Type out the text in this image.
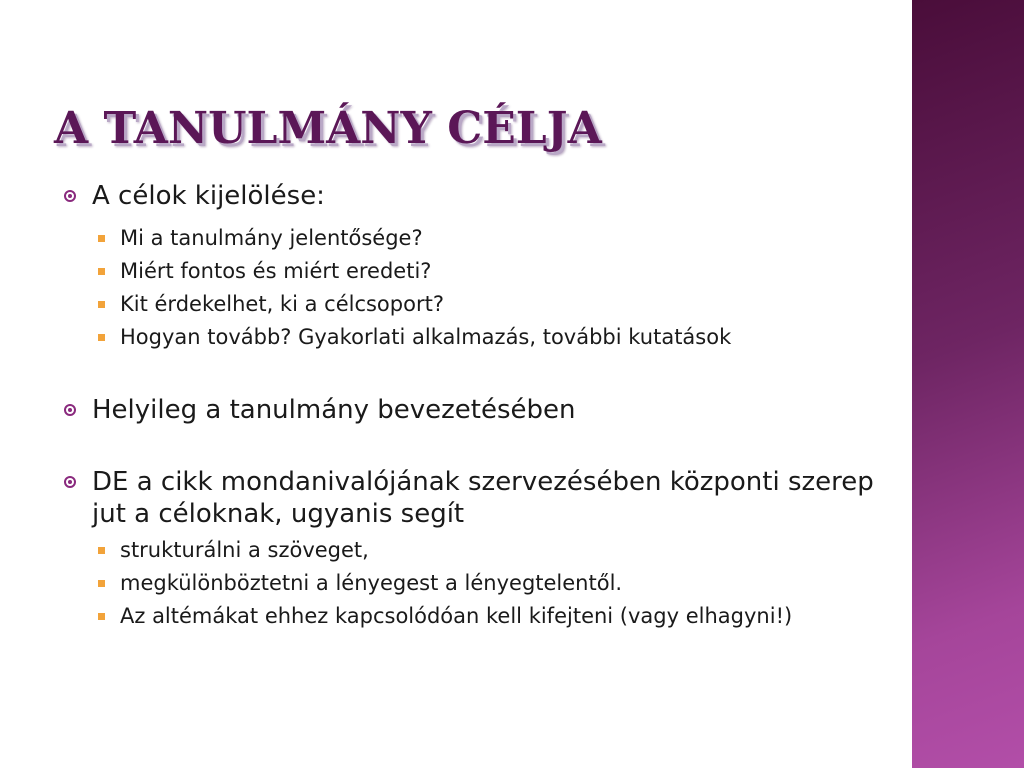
A TANULMÁNY CÉLJA
A célok kijelölése:
Mi a tanulmány jelentősége?
Miért fontos és miért eredeti?
Kit érdekelhet, ki a célcsoport?
Hogyan tovább? Gyakorlati alkalmazás, további kutatások
Helyileg a tanulmány bevezetésében
DE a cikk mondanivalójának szervezésében központi szerep jut a céloknak, ugyanis segít
strukturálni a szöveget,
megkülönböztetni a lényegest a lényegtelentől.
Az altémákat ehhez kapcsolódóan kell kifejteni (vagy elhagyni!)
